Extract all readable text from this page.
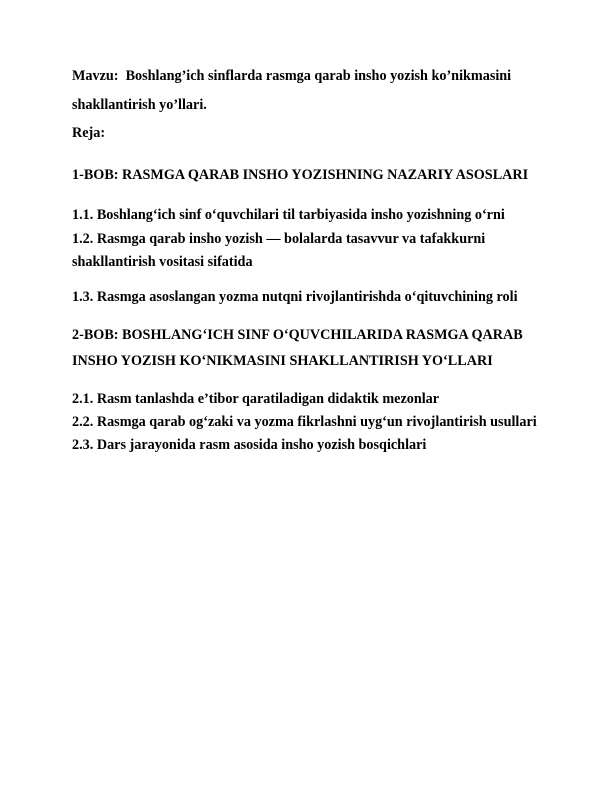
Mavzu: Boshlang’ich sinflarda rasmga qarab insho yozish ko’nikmasini
shakllantirish yo’llari.
Reja:
1-BOB: RASMGA QARAB INSHO YOZISHNING NAZARIY ASOSLARI
1.1. Boshlang‘ich sinf o‘quvchilari til tarbiyasida insho yozishning o‘rni
1.2. Rasmga qarab insho yozish — bolalarda tasavvur va tafakkurni
shakllantirish vositasi sifatida
1.3. Rasmga asoslangan yozma nutqni rivojlantirishda o‘qituvchining roli
2-BOB: BOSHLANG‘ICH SINF O‘QUVCHILARIDA RASMGA QARAB
INSHO YOZISH KO‘NIKMASINI SHAKLLANTIRISH YO‘LLARI
2.1. Rasm tanlashda e’tibor qaratiladigan didaktik mezonlar
2.2. Rasmga qarab og‘zaki va yozma fikrlashni uyg‘un rivojlantirish usullari
2.3. Dars jarayonida rasm asosida insho yozish bosqichlari
